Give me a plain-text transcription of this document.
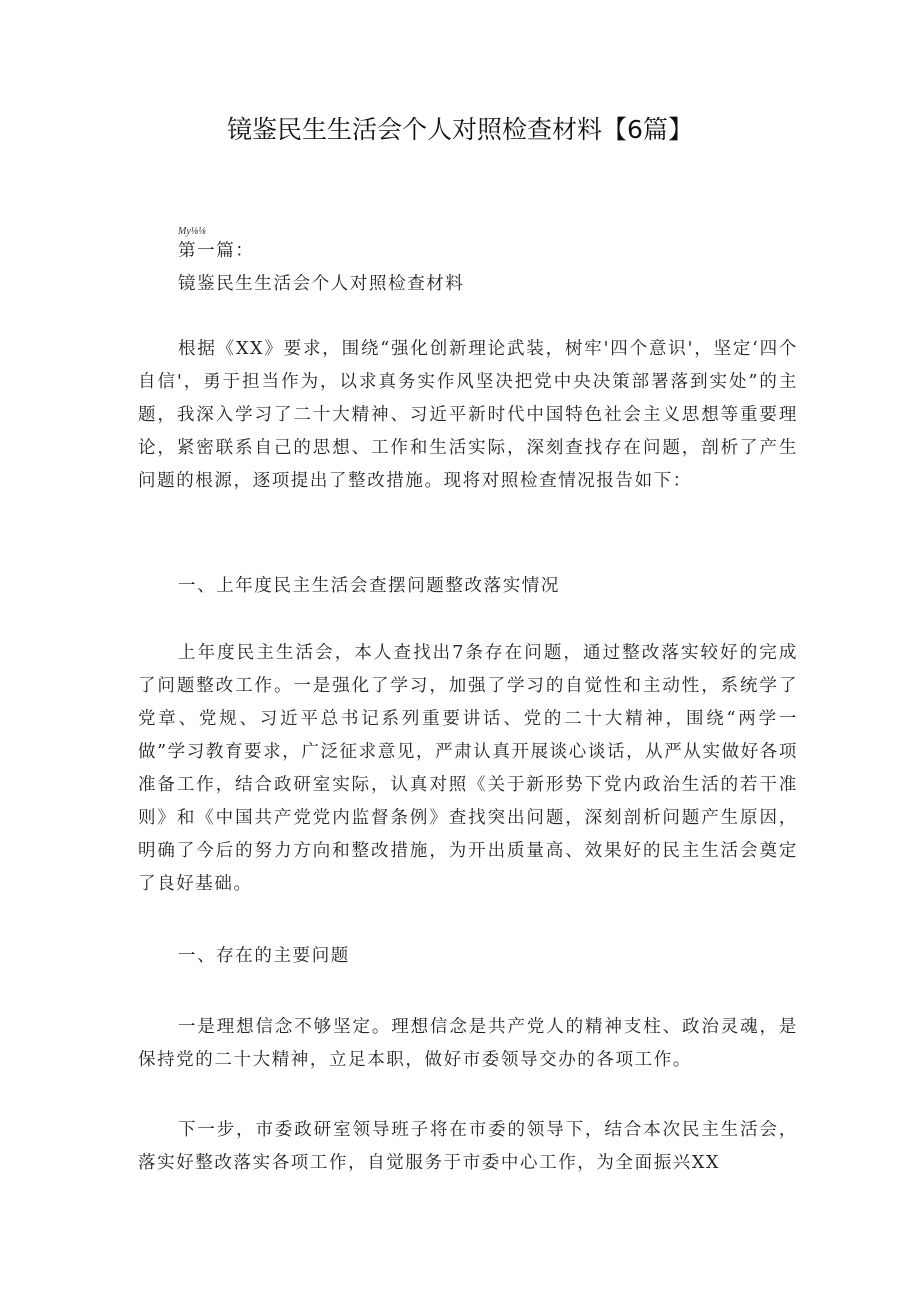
镜鉴民生生活会个人对照检查材料【6篇】
My⅛⅛
第一篇：
镜鉴民生生活会个人对照检查材料
根据《XX》要求，围绕“强化创新理论武装，树牢'四个意识'，坚定‘四个自信'，勇于担当作为，以求真务实作风坚决把党中央决策部署落到实处”的主题，我深入学习了二十大精神、习近平新时代中国特色社会主义思想等重要理论，紧密联系自己的思想、工作和生活实际，深刻查找存在问题，剖析了产生问题的根源，逐项提出了整改措施。现将对照检查情况报告如下：
一、上年度民主生活会查摆问题整改落实情况
上年度民主生活会，本人查找出7条存在问题，通过整改落实较好的完成了问题整改工作。一是强化了学习，加强了学习的自觉性和主动性，系统学了党章、党规、习近平总书记系列重要讲话、党的二十大精神，围绕“两学一做”学习教育要求，广泛征求意见，严肃认真开展谈心谈话，从严从实做好各项准备工作，结合政研室实际，认真对照《关于新形势下党内政治生活的若干准则》和《中国共产党党内监督条例》查找突出问题，深刻剖析问题产生原因，明确了今后的努力方向和整改措施，为开出质量高、效果好的民主生活会奠定了良好基础。
一、存在的主要问题
一是理想信念不够坚定。理想信念是共产党人的精神支柱、政治灵魂，是保持党的二十大精神，立足本职，做好市委领导交办的各项工作。
下一步，市委政研室领导班子将在市委的领导下，结合本次民主生活会，落实好整改落实各项工作，自觉服务于市委中心工作，为全面振兴XX
